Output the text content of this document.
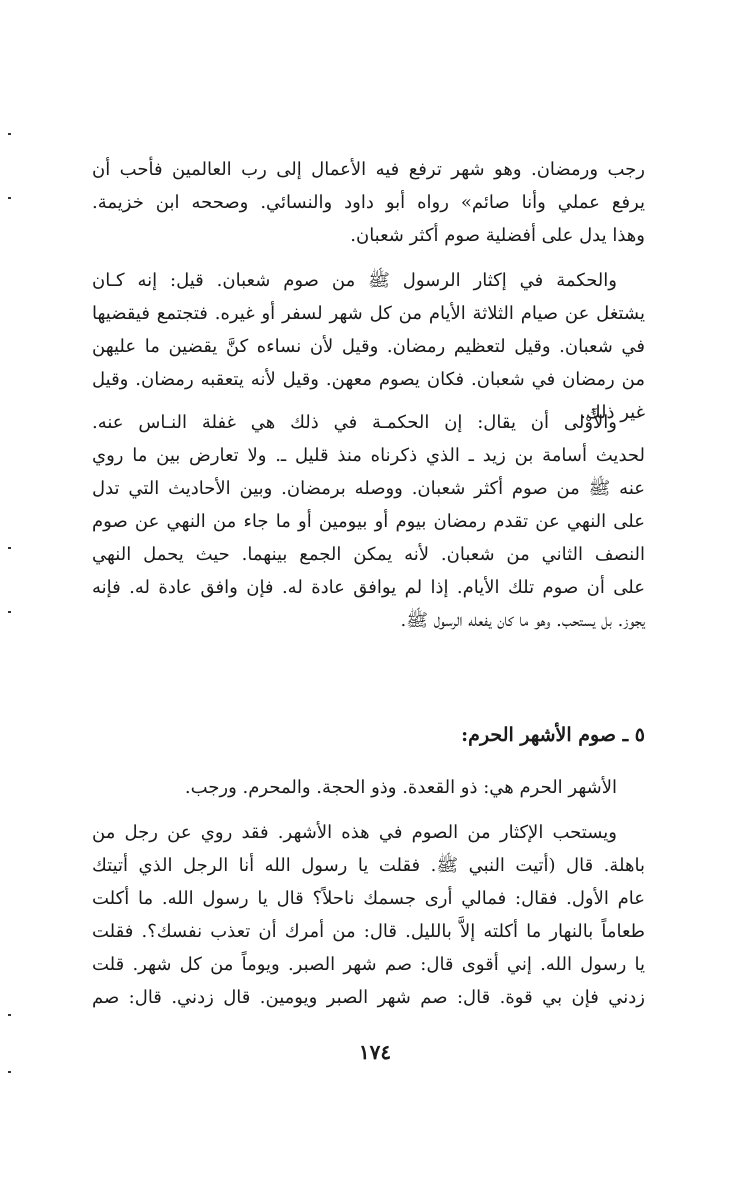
رجب ورمضان. وهو شهر ترفع فيه الأعمال إلى رب العالمين فأحب أن
يرفع عملي وأنا صائم» رواه أبو داود والنسائي. وصححه ابن خزيمة.
وهذا يدل على أفضلية صوم أكثر شعبان.
والحكمة في إكثار الرسول ﷺ من صوم شعبان. قيل: إنه كـان
يشتغل عن صيام الثلاثة الأيام من كل شهر لسفر أو غيره. فتجتمع فيقضيها
في شعبان. وقيل لتعظيم رمضان. وقيل لأن نساءه كنَّ يقضين ما عليهن
من رمضان في شعبان. فكان يصوم معهن. وقيل لأنه يتعقبه رمضان. وقيل
غير ذلك.
والأَوْلى أن يقال: إن الحكمـة في ذلك هي غفلة النـاس عنه.
لحديث أسامة بن زيد ـ الذي ذكرناه منذ قليل ـ. ولا تعارض بين ما روي
عنه ﷺ من صوم أكثر شعبان. ووصله برمضان. وبين الأحاديث التي تدل
على النهي عن تقدم رمضان بيوم أو بيومين أو ما جاء من النهي عن صوم
النصف الثاني من شعبان. لأنه يمكن الجمع بينهما. حيث يحمل النهي
على أن صوم تلك الأيام. إذا لم يوافق عادة له. فإن وافق عادة له. فإنه
يجوز. بل يستحب. وهو ما كان يفعله الرسول ﷺ.
٥ ـ صوم الأشهر الحرم:
الأشهر الحرم هي: ذو القعدة. وذو الحجة. والمحرم. ورجب.
ويستحب الإكثار من الصوم في هذه الأشهر. فقد روي عن رجل من
باهلة. قال (أتيت النبي ﷺ. فقلت يا رسول الله أنا الرجل الذي أتيتك
عام الأول. فقال: فمالي أرى جسمك ناحلاً؟ قال يا رسول الله. ما أكلت
طعاماً بالنهار ما أكلته إلاَّ بالليل. قال: من أمرك أن تعذب نفسك؟. فقلت
يا رسول الله. إني أقوى قال: صم شهر الصبر. ويوماً من كل شهر. قلت
زدني فإن بي قوة. قال: صم شهر الصبر ويومين. قال زدني. قال: صم
١٧٤
